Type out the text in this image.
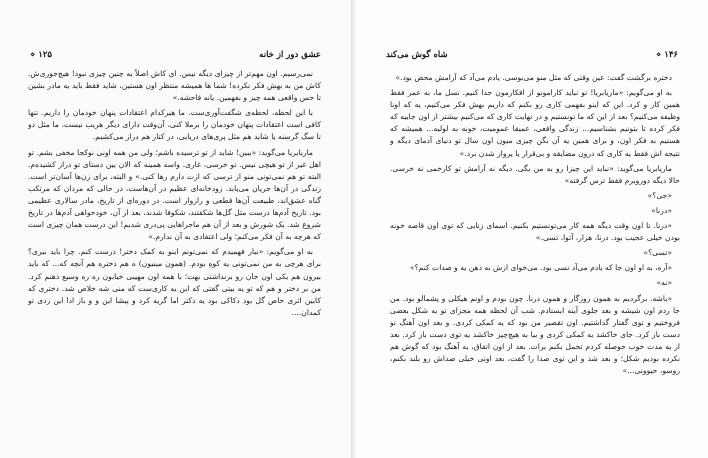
عشق دور از خانه
۱۲۵ ⋄

نمی‌رسیم. اون مهم‌تر از چیزای دیگه نیس. ای کاش اصلاً یه چنین چیزی نبود! هیچ‌جوری‌ش. کاش من به بهش فکر نکرده! شما ها همیشه منتظر اون هستین، شاید فقط باید یه مادر بشین تا حس واقعی همه چیز و بفهمین. یانه فاحشه.»

با این لحظه، لحظه‌ی شگفت‌آوری‌ست. ما هیرکدام اعتقادات پنهان خودمان را داریم. تنها کافی است اعتقادات پنهان خودمان را برملا کنی، آن‌وقت دارای دیگر هریب نیست. ما مثل دو تا سگ گرسنه یا شاید هم مثل پری‌های دریایی، در کنار هم دراز می‌کشیم.

ماریابریا می‌گوید: «ببین! شاید از تو ترسیده باشم؛ ولی من همه اونی‌ نوکجا مخفی بشم. تو اهل غیر از تو هیچی نیس. تو خرسی، غاری. واسه همینه که الان بین دستای تو دراز کشیده‌م. البته تو هم نمی‌تونی منو از ترسی که ازت دارم رها کنی.» و البته، برای زن‌ها آسان‌تر است. زندگی در آن‌ها جریان می‌یابد. زودخانه‌ای عظیم در آن‌هاست، در حالی که مردان که مرتکب گناه عشق‌اند، طبیعت آن‌ها قطعی و رازوار است. در دوره‌ای از تاریخ، مادر سالاری عظیمی بود. تاریخ آدم‌ها درست مثل گل‌ها شکفتند، شکوفا شدند، بعد از آن، خودخواهی آدم‌ها در تاریخ شروع شد. یک شورش و بعد از آن هم ماجراهایی پی‌دری شدیم! این درست همان چیزی است که هرچه به آن فکر می‌کنم؛ ولی اعتقادی به آن ندارم.»

به او می‌گویم: «ببار فهمیدم که نمی‌تونم اینو به کمک دختر! درست کنم. چرا باید ببری؟ برای هرچی به من نمی‌تونی یه کوهِ بودم. (همون مینیون) ه هم دختره هم آنچه که... که باید بیرون هم یکی اون جان رو برنداشتی بهت؛ با همه اون مهیبی خیابون ره ره وسیع ذهنم کرد. من بر دختر و هم که تو یه بیتی گفتی که این یه کاری‌ست که منی شه خلاص شد. دختری که کابین اثری خاص گل بود دکاکی بود یه دکتر اما گریه کرد و پیشا این و و باز ادا این زدی تو کمدان....

۱۴۶ ⋄
شاه گوش می‌کند

دختره برگشت گفت: عین وقتی که مثل منو می‌بوسی. یادم می‌آد که آرامش محض بود.»

به او می‌گویم: «ماریابریا! تو نباید کارامونو از افکارمون جدا کنیم. نسل ما، به عمر فقط همین کار و کرد. این که اینو بفهمی کاری رو بکنم که داریم بهش فکر می‌کنیم، یه که اونا وظیفه می‌کنیم؟ بعد از این که ما تونستیم و در نهایت کاری که می‌کنیم بیشتر از اون جاییه که فکر کرده تا بتونیم بشناسیم... زندگی واقعی، عمیقا عمومیت، خونه به لولیه... همیشه که هستیم به فکر اون، و برای همین یه آن بگن چیزی میون اون سال تو دنیای آدمای دیگه و نتیجه اش فقط یه کاری که درون مضایقه و بی‌قرار یا پرواز شدن برد.»

ماریابریا می‌گوید: «نباید این چیزا رو به من بگی. دیگه نه آرامش تو کارخمی نه خرسی. حالا دیگه دوروبرم فقط ترس گرفته»

«جی؟»

«درنا»

«درنا. تا اون وقت دیگه همه کار می‌تونستیم بکنیم. اسمای زنایی که توی اون قاصه خونه بودن خیلی عجیب بود. درنا، هزار، آتوا، تسی.»

«تسی؟»

«آره، به او اون جا که یادم می‌آد تسی بود. می‌خوای ازش به ذهن یه و صدات کنم؟»

«نه»

«باشه. برگردیم به همون روزگار و همون درنا. چون بودم و اونم هیکلی و پشمالو بود. من جا ردم اون شیشه و بعد جلوی آینه ایستادم. شب آن لحظه همه مجزای تو به شکل بعضی فروختیم و توی گفتار گذاشتیم. اون تقصیر من بود که یه کمکی کردی. و بعد اون آهنگ تو دست باز کرد. جای خاکشد یه کمکی کردی و بیا به هیچ‌چیز خاکشد یه توی دست باز کرد. بعد از یه مدت خوب حوصله کردم تحمل بکنم برات. بعد از اون اتفاق، یه آهنگ بود که گوش هم نکرده بودیم شکل؛ و بعد شد و این توی صدا را گفت، بعد اونی خیلی صداش رو بلند بکنم، روسو، حیوونی...»
